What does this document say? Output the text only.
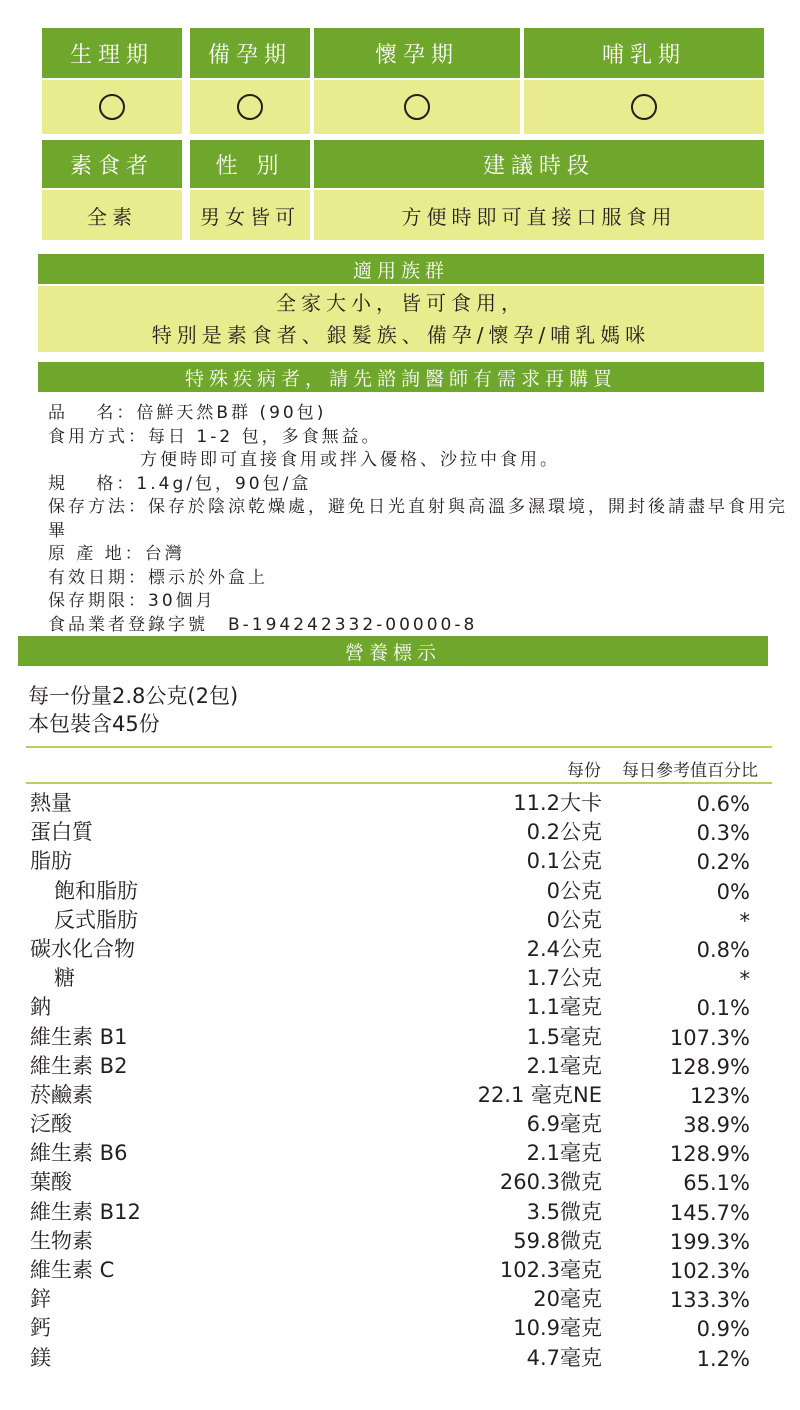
生理期	備孕期	懷孕期	哺乳期
素食者	性 別	建議時段
全素	男女皆可	方便時即可直接口服食用
適用族群
全家大小，皆可食用，
特別是素食者、銀髮族、備孕/懷孕/哺乳媽咪
特殊疾病者，請先諮詢醫師有需求再購買
品　 名：倍鮮天然B群 (90包)
食用方式：每日 1-2 包，多食無益。
方便時即可直接食用或拌入優格、沙拉中食用。
規　 格：1.4g/包，90包/盒
保存方法：保存於陰涼乾燥處，避免日光直射與高溫多濕環境，開封後請盡早食用完畢
原 產 地：台灣
有效日期：標示於外盒上
保存期限：30個月
食品業者登錄字號　B-194242332-00000-8
營養標示
每一份量2.8公克(2包)
本包裝含45份
每份 每日參考值百分比
熱量	11.2大卡	0.6%
蛋白質	0.2公克	0.3%
脂肪	0.1公克	0.2%
飽和脂肪	0公克	0%
反式脂肪	0公克	*
碳水化合物	2.4公克	0.8%
糖	1.7公克	*
鈉	1.1毫克	0.1%
維生素 B1	1.5毫克	107.3%
維生素 B2	2.1毫克	128.9%
菸鹼素	22.1 毫克NE	123%
泛酸	6.9毫克	38.9%
維生素 B6	2.1毫克	128.9%
葉酸	260.3微克	65.1%
維生素 B12	3.5微克	145.7%
生物素	59.8微克	199.3%
維生素 C	102.3毫克	102.3%
鋅	20毫克	133.3%
鈣	10.9毫克	0.9%
鎂	4.7毫克	1.2%
